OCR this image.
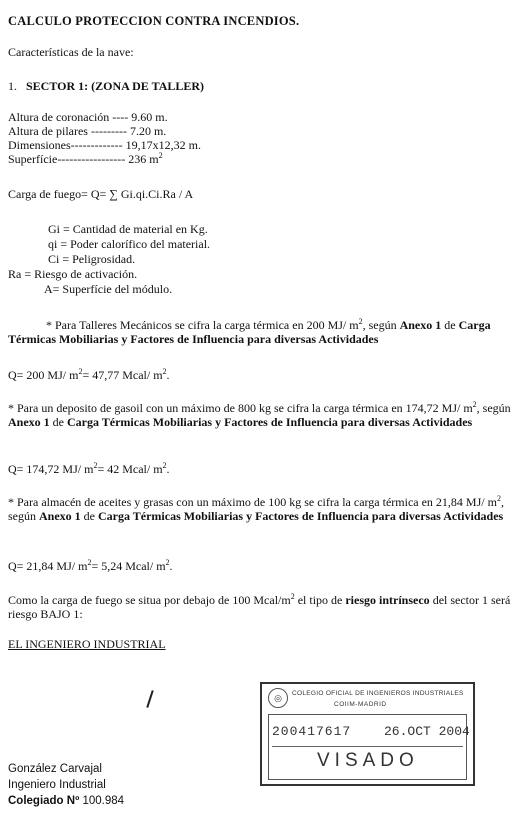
CALCULO PROTECCION CONTRA INCENDIOS.
Características de la nave:
1. SECTOR 1: (ZONA DE TALLER)
Altura de coronación ---- 9.60 m.
Altura de pilares --------- 7.20 m.
Dimensiones------------- 19,17x12,32 m.
Superfície----------------- 236 $m^2$
Carga de fuego= Q= ∑ Gi.qi.Ci.Ra / A
Gi = Cantidad de material en Kg.
qi = Poder calorífico del material.
Ci = Peligrosidad.
Ra = Riesgo de activación.
A= Superfície del módulo.
* Para Talleres Mecánicos se cifra la carga térmica en 200 MJ/ $m^2$, según Anexo 1 de Carga Térmicas Mobiliarias y Factores de Influencia para diversas Actividades
Q= 200 MJ/ $m^2= 47,77$ Mcal/ $m^2$.
* Para un deposito de gasoil con un máximo de 800 kg se cifra la carga térmica en 174,72 MJ/ $m^2$, según Anexo 1 de Carga Térmicas Mobiliarias y Factores de Influencia para diversas Actividades
Q= 174,72 MJ/ $m^2= 42$ Mcal/ $m^2$.
* Para almacén de aceites y grasas con un máximo de 100 kg se cifra la carga térmica en 21,84 MJ/ $m^2$, según Anexo 1 de Carga Térmicas Mobiliarias y Factores de Influencia para diversas Actividades
Q= 21,84 MJ/ $m^2= 5,24$ Mcal/ $m^2$.
Como la carga de fuego se situa por debajo de 100 Mcal/$m^2$ el tipo de riesgo intrínseco del sector 1 será riesgo BAJO 1:
EL INGENIERO INDUSTRIAL
◎	COLEGIO OFICIAL DE INGENIEROS INDUSTRIALES
COIIM-MADRID
200417617	26.OCT 2004
VISADO
González Carvajal
Ingeniero Industrial
Colegiado Nº 100.984
